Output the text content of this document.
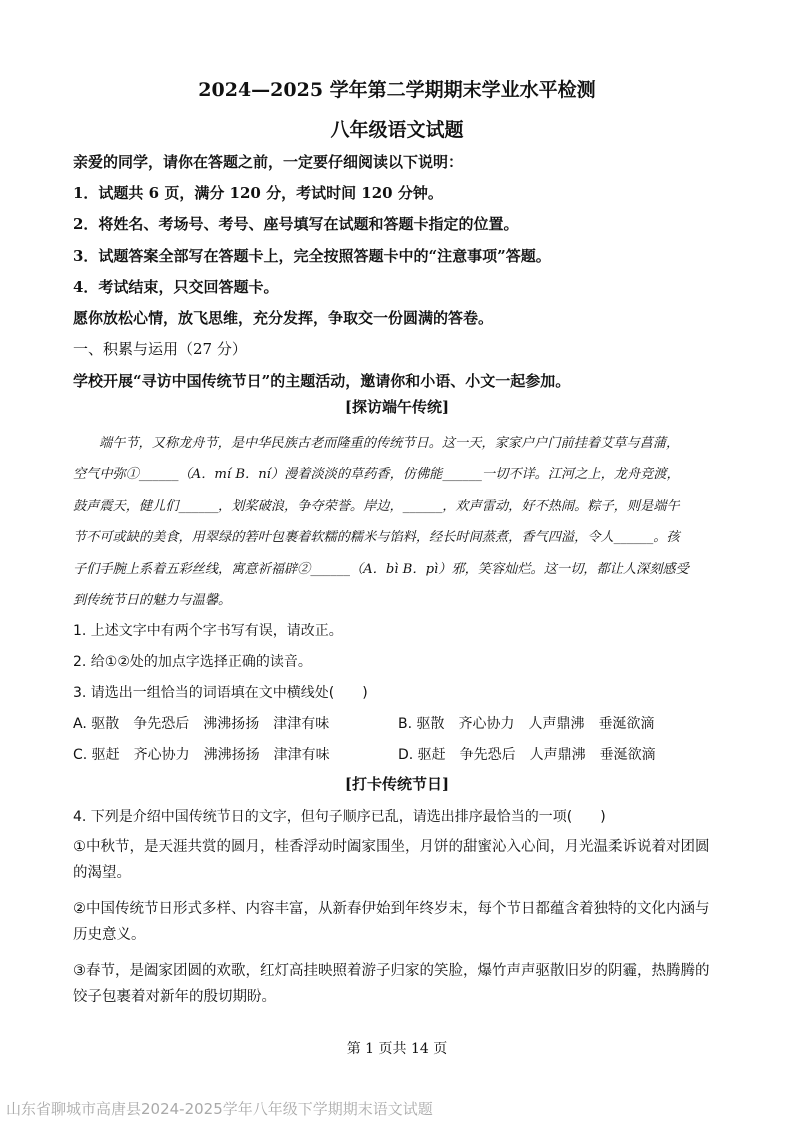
2024—2025 学年第二学期期末学业水平检测
八年级语文试题
亲爱的同学，请你在答题之前，一定要仔细阅读以下说明：
1．试题共 6 页，满分 120 分，考试时间 120 分钟。
2．将姓名、考场号、考号、座号填写在试题和答题卡指定的位置。
3．试题答案全部写在答题卡上，完全按照答题卡中的“注意事项”答题。
4．考试结束，只交回答题卡。
愿你放松心情，放飞思维，充分发挥，争取交一份圆满的答卷。
一、积累与运用（27 分）
学校开展“寻访中国传统节日”的主题活动，邀请你和小语、小文一起参加。
[探访端午传统]
端午节，又称龙舟节，是中华民族古老而隆重的传统节日。这一天，家家户户门前挂着艾草与菖蒲，
空气中弥①______（A．mí B．ní）漫着淡淡的草药香，仿佛能______一切不详。江河之上，龙舟竞渡，
鼓声震天，健儿们______，划桨破浪，争夺荣誉。岸边，______，欢声雷动，好不热闹。粽子，则是端午
节不可或缺的美食，用翠绿的箬叶包裹着软糯的糯米与馅料，经长时间蒸煮，香气四溢，令人______。孩
子们手腕上系着五彩丝线，寓意祈福辟②______（A．bì B．pì）邪，笑容灿烂。这一切，都让人深刻感受
到传统节日的魅力与温馨。
1. 上述文字中有两个字书写有误，请改正。
2. 给①②处的加点字选择正确的读音。
3. 请选出一组恰当的词语填在文中横线处(　　)
A. 驱散　争先恐后　沸沸扬扬　津津有味	B. 驱散　齐心协力　人声鼎沸　垂涎欲滴
C. 驱赶　齐心协力　沸沸扬扬　津津有味	D. 驱赶　争先恐后　人声鼎沸　垂涎欲滴
[打卡传统节日]
4. 下列是介绍中国传统节日的文字，但句子顺序已乱，请选出排序最恰当的一项(　　)
①中秋节，是天涯共赏的圆月，桂香浮动时阖家围坐，月饼的甜蜜沁入心间，月光温柔诉说着对团圆的渴望。
②中国传统节日形式多样、内容丰富，从新春伊始到年终岁末，每个节日都蕴含着独特的文化内涵与历史意义。
③春节，是阖家团圆的欢歌，红灯高挂映照着游子归家的笑脸，爆竹声声驱散旧岁的阴霾，热腾腾的饺子包裹着对新年的殷切期盼。
第 1 页共 14 页
山东省聊城市高唐县2024-2025学年八年级下学期期末语文试题
